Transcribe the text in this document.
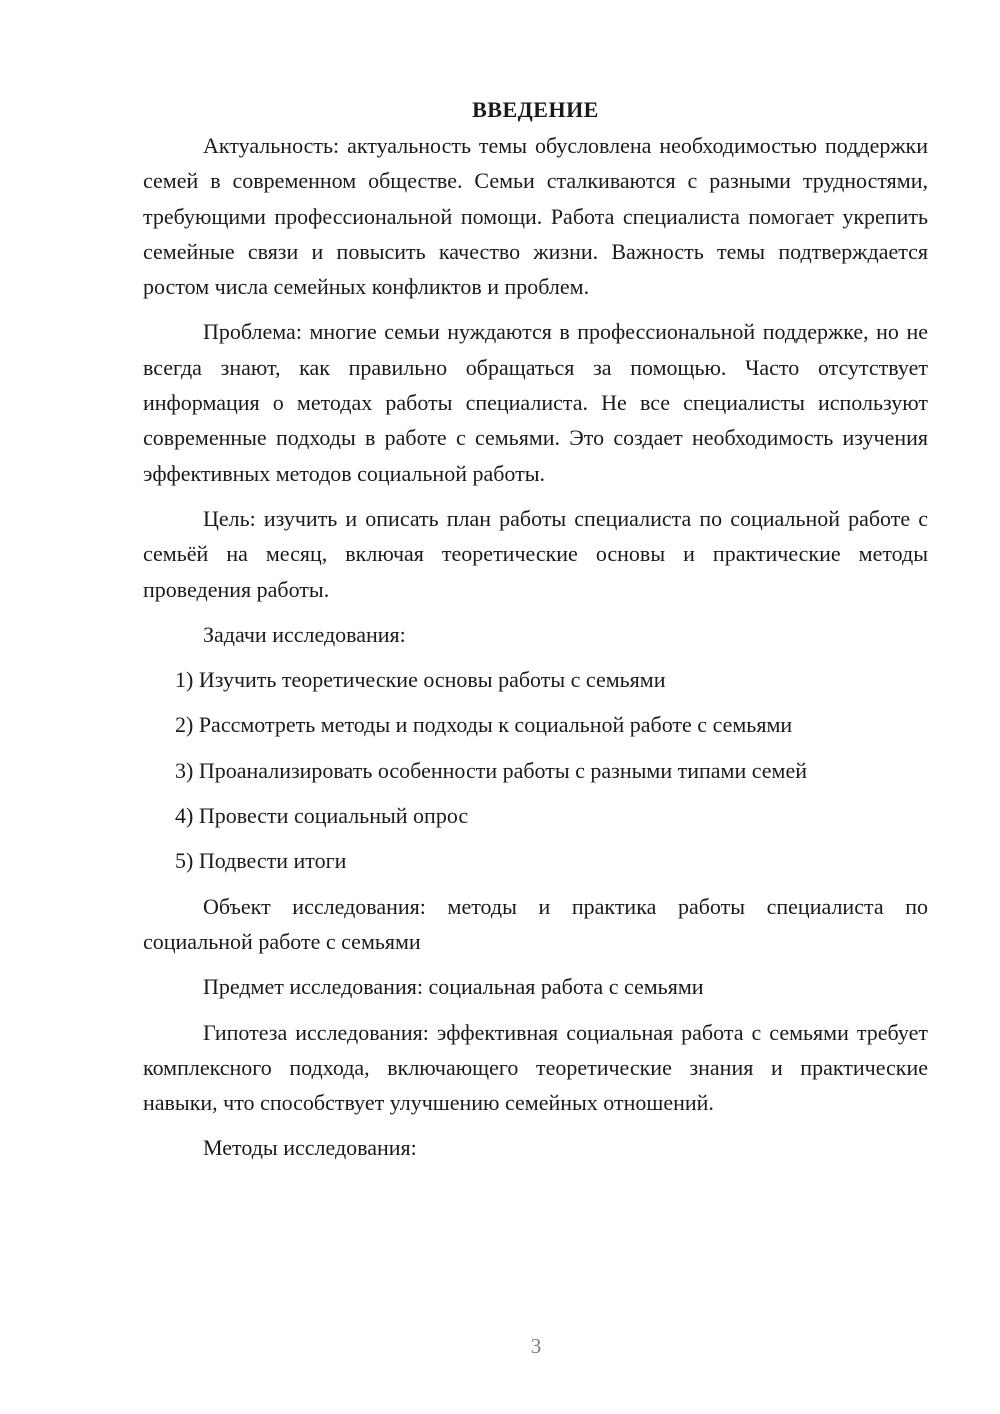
ВВЕДЕНИЕ

Актуальность: актуальность темы обусловлена необходимостью поддержки семей в современном обществе. Семьи сталкиваются с разными трудностями, требующими профессиональной помощи. Работа специалиста помогает укрепить семейные связи и повысить качество жизни. Важность темы подтверждается ростом числа семейных конфликтов и проблем.

Проблема: многие семьи нуждаются в профессиональной поддержке, но не всегда знают, как правильно обращаться за помощью. Часто отсутствует информация о методах работы специалиста. Не все специалисты используют современные подходы в работе с семьями. Это создает необходимость изучения эффективных методов социальной работы.

Цель: изучить и описать план работы специалиста по социальной работе с семьёй на месяц, включая теоретические основы и практические методы проведения работы.

Задачи исследования:

1) Изучить теоретические основы работы с семьями
2) Рассмотреть методы и подходы к социальной работе с семьями
3) Проанализировать особенности работы с разными типами семей
4) Провести социальный опрос
5) Подвести итоги

Объект исследования: методы и практика работы специалиста по социальной работе с семьями

Предмет исследования: социальная работа с семьями

Гипотеза исследования: эффективная социальная работа с семьями требует комплексного подхода, включающего теоретические знания и практические навыки, что способствует улучшению семейных отношений.

Методы исследования:

3
